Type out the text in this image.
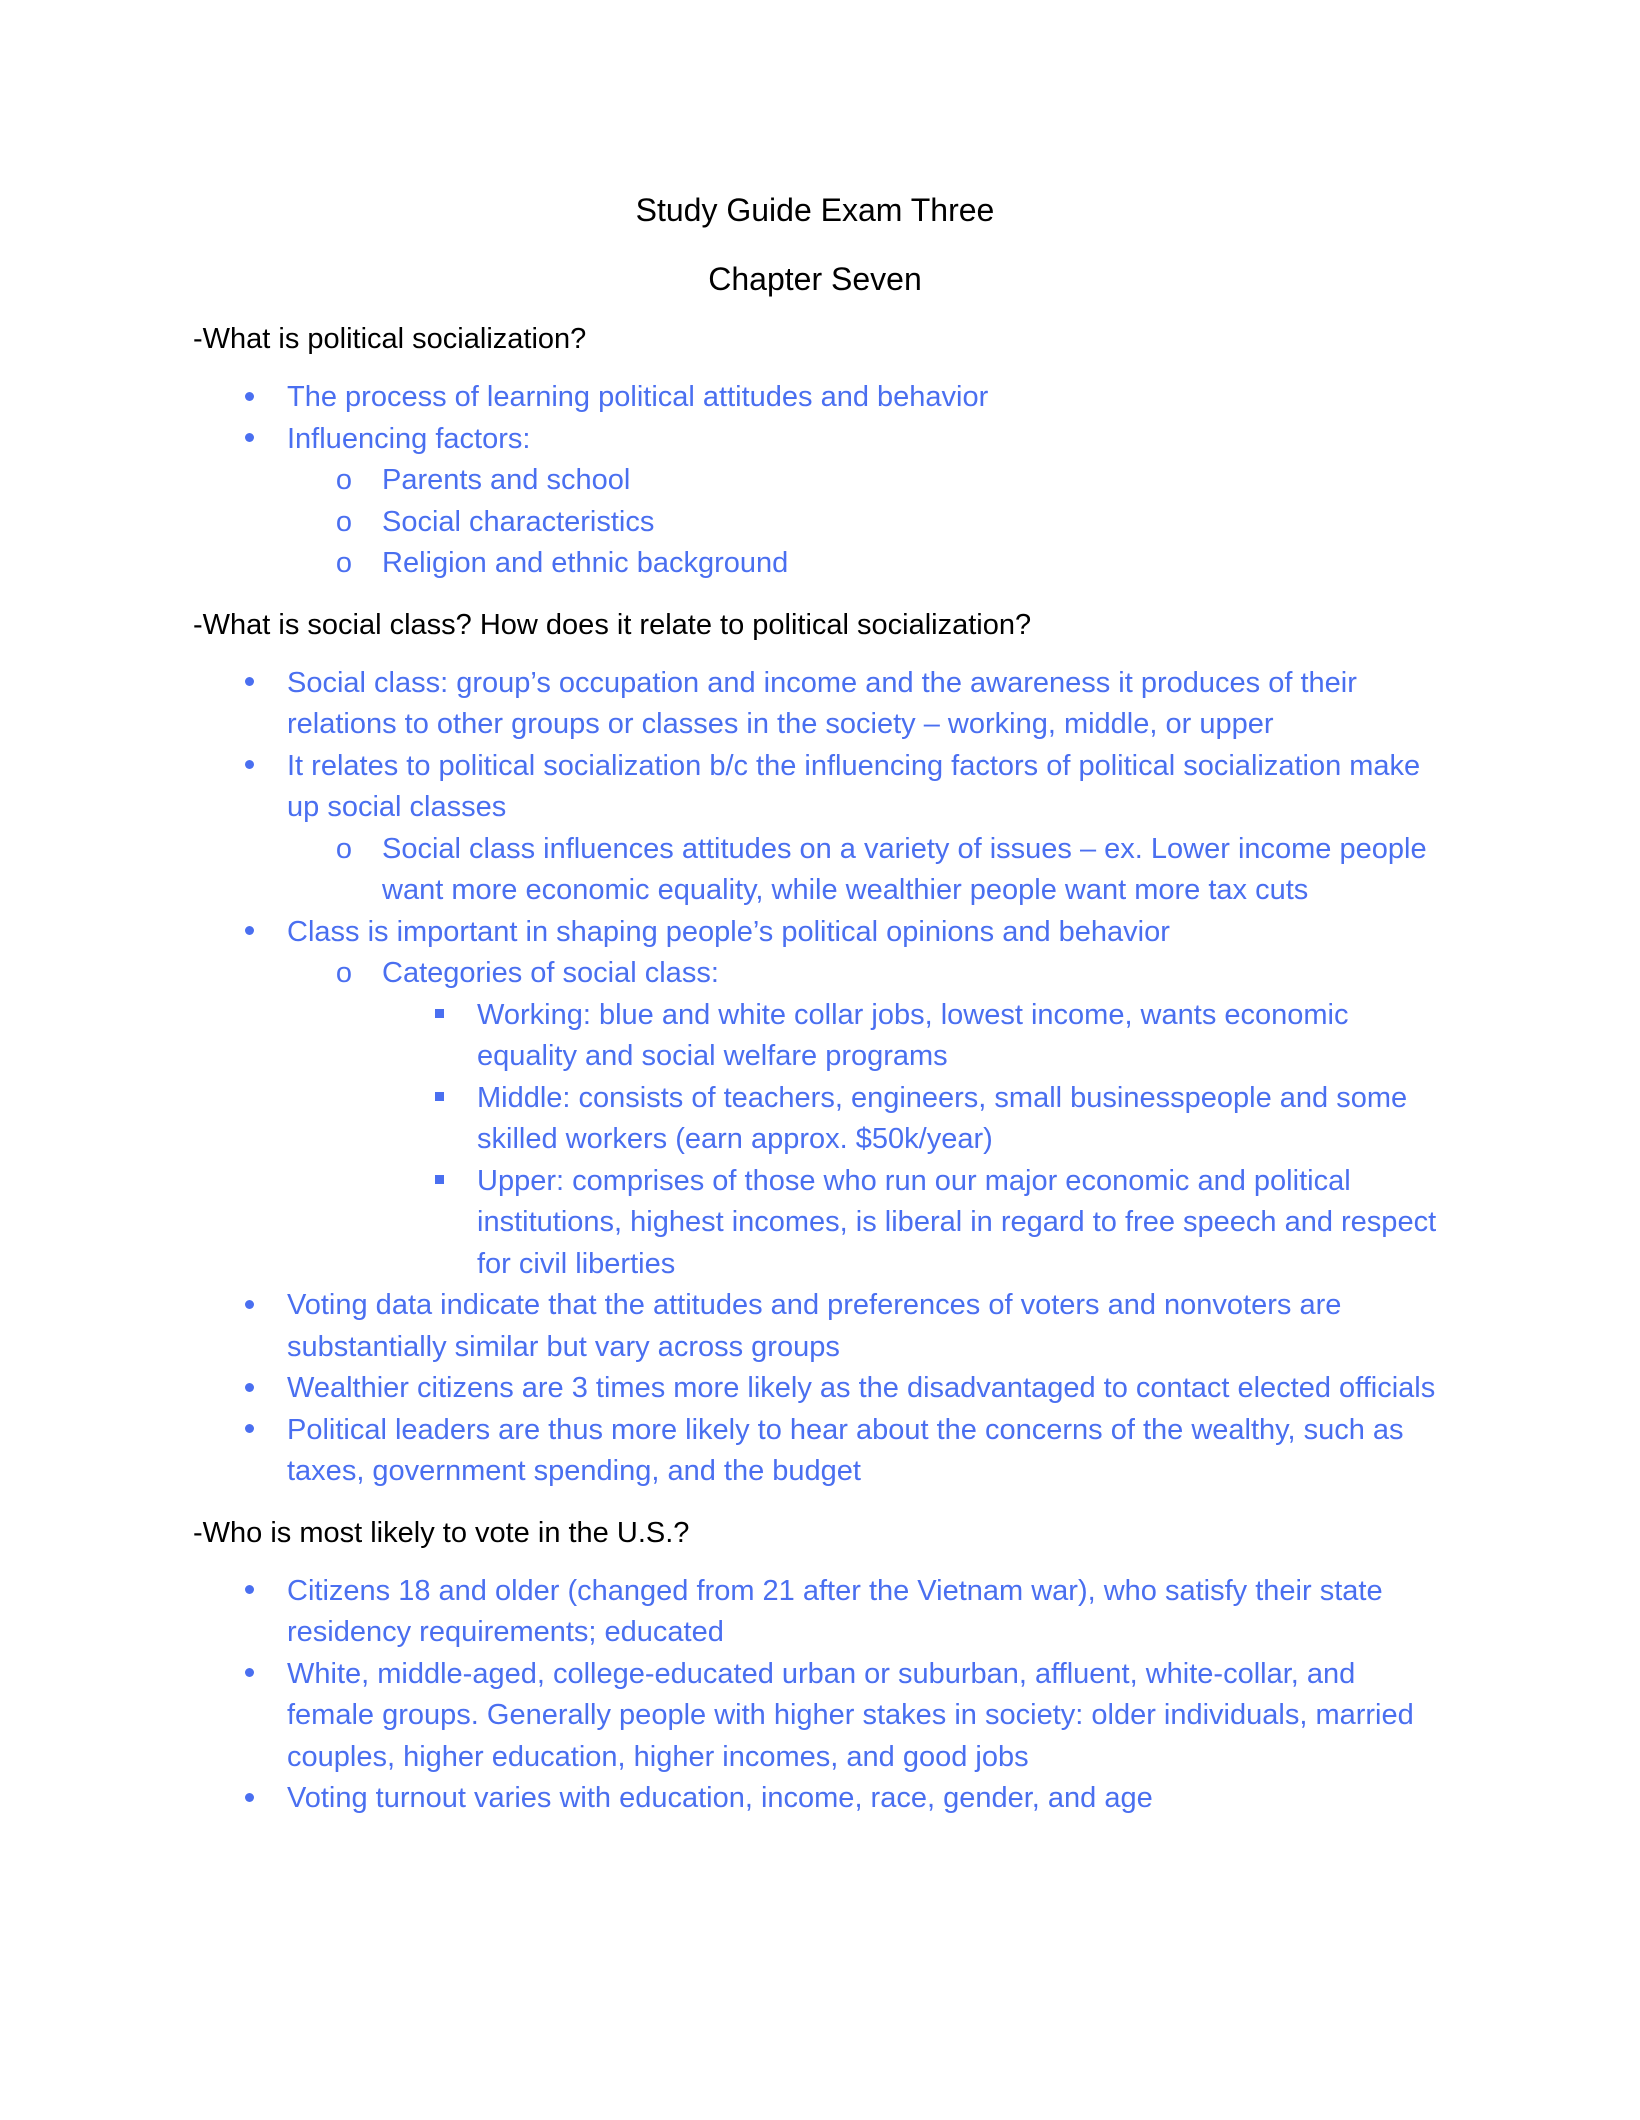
Study Guide Exam Three
Chapter Seven
-What is political socialization?
The process of learning political attitudes and behavior
Influencing factors:
o Parents and school
o Social characteristics
o Religion and ethnic background
-What is social class? How does it relate to political socialization?
Social class: group’s occupation and income and the awareness it produces of their relations to other groups or classes in the society – working, middle, or upper
It relates to political socialization b/c the influencing factors of political socialization make up social classes
o Social class influences attitudes on a variety of issues – ex. Lower income people want more economic equality, while wealthier people want more tax cuts
Class is important in shaping people’s political opinions and behavior
o Categories of social class:
Working: blue and white collar jobs, lowest income, wants economic equality and social welfare programs
Middle: consists of teachers, engineers, small businesspeople and some skilled workers (earn approx. $50k/year)
Upper: comprises of those who run our major economic and political institutions, highest incomes, is liberal in regard to free speech and respect for civil liberties
Voting data indicate that the attitudes and preferences of voters and nonvoters are substantially similar but vary across groups
Wealthier citizens are 3 times more likely as the disadvantaged to contact elected officials
Political leaders are thus more likely to hear about the concerns of the wealthy, such as taxes, government spending, and the budget
-Who is most likely to vote in the U.S.?
Citizens 18 and older (changed from 21 after the Vietnam war), who satisfy their state residency requirements; educated
White, middle-aged, college-educated urban or suburban, affluent, white-collar, and female groups. Generally people with higher stakes in society: older individuals, married couples, higher education, higher incomes, and good jobs
Voting turnout varies with education, income, race, gender, and age
